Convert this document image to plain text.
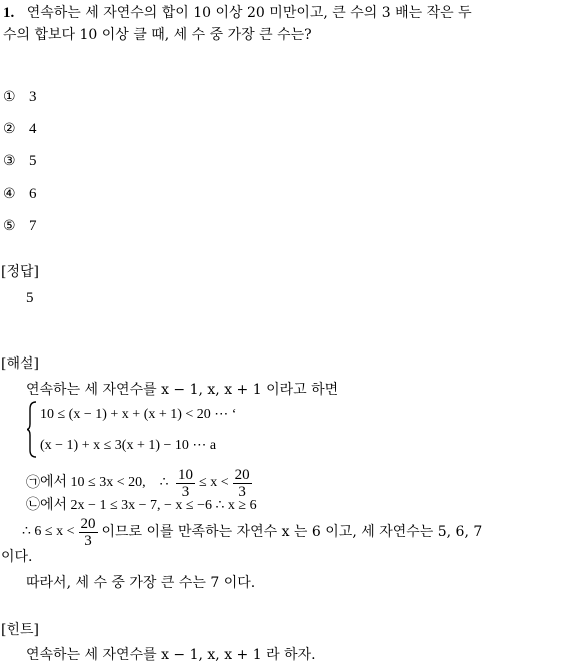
1. 연속하는 세 자연수의 합이 10 이상 20 미만이고, 큰 수의 3 배는 작은 두
수의 합보다 10 이상 클 때, 세 수 중 가장 큰 수는?
① 3
② 4
③ 5
④ 6
⑤ 7
[정답]
5
[해설]
연속하는 세 자연수를 x − 1, x, x + 1 이라고 하면
10 ≤ (x − 1) + x + (x + 1) < 20 ⋯ ‘
(x − 1) + x ≤ 3(x + 1) − 10 ⋯ a
㉠ 에서 10 ≤ 3x < 20,    ∴ $\frac{10}{3} \le x < \frac{20}{3}$
㉡에서 2x − 1 ≤ 3x − 7, − x ≤ −6 ∴ x ≥ 6
∴ $6 \le x < \frac{20}{3}$ 이므로 이를 만족하는 자연수 x 는 6 이고, 세 자연수는 5, 6, 7
이다.
따라서, 세 수 중 가장 큰 수는 7 이다.
[힌트]
연속하는 세 자연수를 x − 1, x, x + 1 라 하자.
